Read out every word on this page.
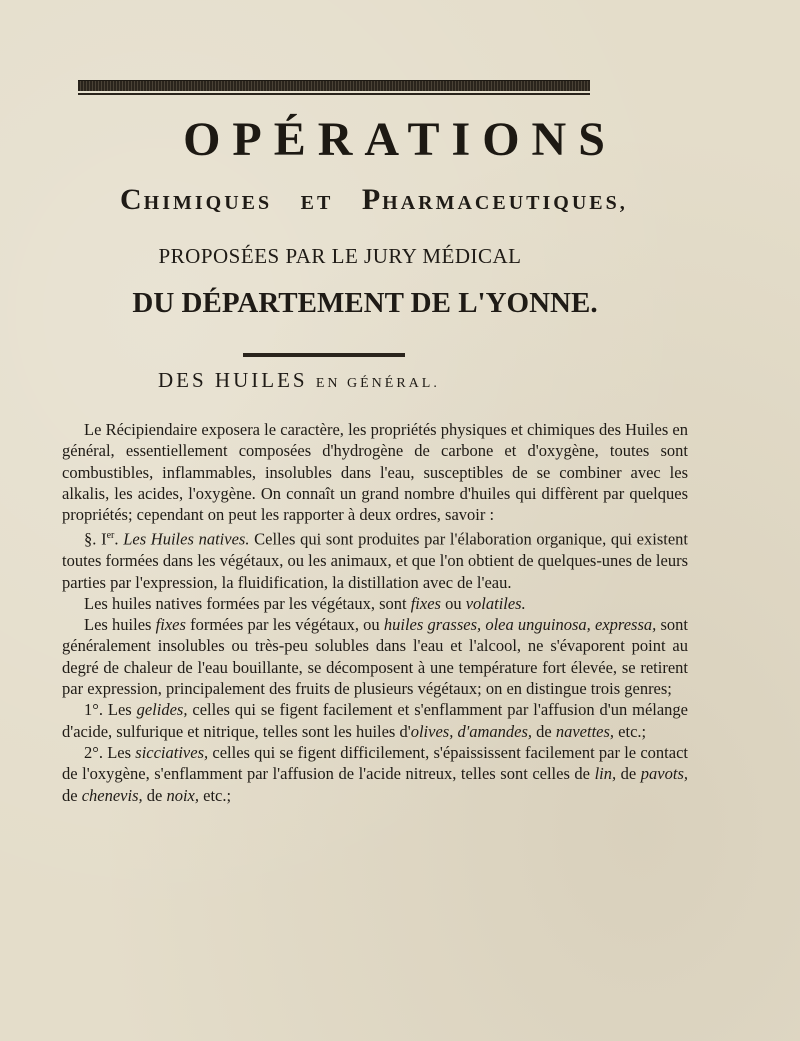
OPÉRATIONS
CHIMIQUES ET PHARMACEUTIQUES,
PROPOSÉES PAR LE JURY MÉDICAL
DU DÉPARTEMENT DE L'YONNE.
DES HUILES EN GÉNÉRAL.

Le Récipiendaire exposera le caractère, les propriétés physiques et chimiques des Huiles en général, essentiellement composées d'hydrogène de carbone et d'oxygène, toutes sont combustibles, inflammables, insolubles dans l'eau, susceptibles de se combiner avec les alkalis, les acides, l'oxygène. On connaît un grand nombre d'huiles qui diffèrent par quelques propriétés; cependant on peut les rapporter à deux ordres, savoir :

§. Ier. Les Huiles natives. Celles qui sont produites par l'élaboration organique, qui existent toutes formées dans les végétaux, ou les animaux, et que l'on obtient de quelques-unes de leurs parties par l'expression, la fluidification, la distillation avec de l'eau.

Les huiles natives formées par les végétaux, sont fixes ou volatiles.

Les huiles fixes formées par les végétaux, ou huiles grasses, olea unguinosa, expressa, sont généralement insolubles ou très-peu solubles dans l'eau et l'alcool, ne s'évaporent point au degré de chaleur de l'eau bouillante, se décomposent à une température fort élevée, se retirent par expression, principalement des fruits de plusieurs végétaux; on en distingue trois genres;

1°. Les gelides, celles qui se figent facilement et s'enflamment par l'affusion d'un mélange d'acide, sulfurique et nitrique, telles sont les huiles d'olives, d'amandes, de navettes, etc.;

2°. Les sicciatives, celles qui se figent difficilement, s'épaississent facilement par le contact de l'oxygène, s'enflamment par l'affusion de l'acide nitreux, telles sont celles de lin, de pavots, de chenevis, de noix, etc.;
